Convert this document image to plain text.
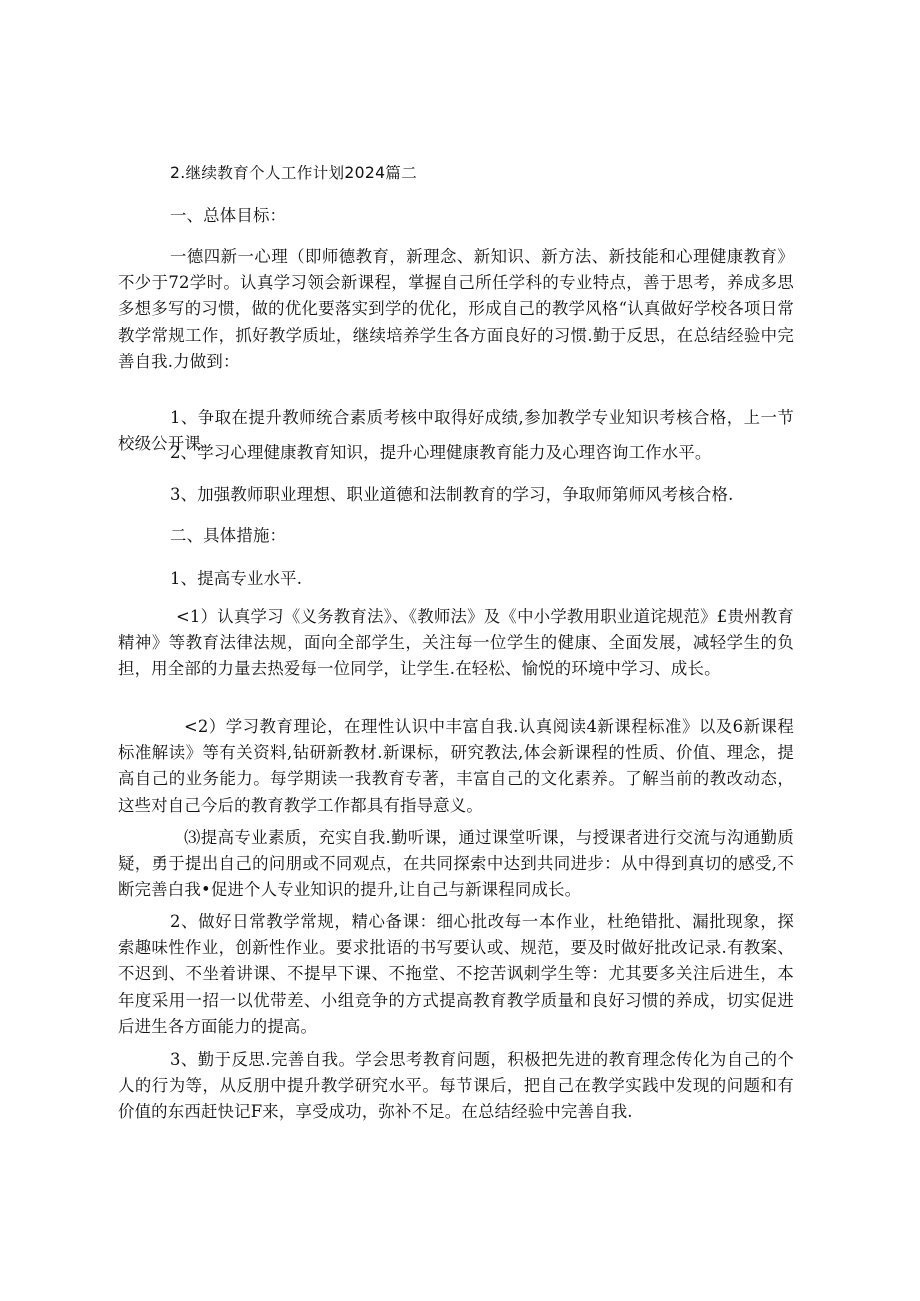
2.继续教育个人工作计划2024篇二

一、总体目标：

一德四新一心理（即师德教育，新理念、新知识、新方法、新技能和心理健康教育》不少于72学时。认真学习领会新课程，掌握自己所任学科的专业特点，善于思考，养成多思多想多写的习惯，做的优化要落实到学的优化，形成自己的教学风格“认真做好学校各项日常教学常规工作，抓好教学质址，继续培养学生各方面良好的习惯.勤于反思，在总结经验中完善自我.力做到：

1、争取在提升教师统合素质考核中取得好成绩,参加教学专业知识考核合格，上一节校级公开课。

2、学习心理健康教育知识，提升心理健康教育能力及心理咨询工作水平。

3、加强教师职业理想、职业道德和法制教育的学习，争取师第师风考核合格.

二、具体措施：

1、提高专业水平.

<1）认真学习《义务教育法》、《教师法》及《中小学教用职业道诧规范》£贵州教育精神》等教育法律法规，面向全部学生，关注每一位学生的健康、全面发展，减轻学生的负担，用全部的力量去热爱每一位同学，让学生.在轻松、愉悦的环境中学习、成长。

<2）学习教育理论，在理性认识中丰富自我.认真阅读4新课程标准》以及6新课程标准解读》等有关资料,钻研新教材.新课标，研究教法,体会新课程的性质、价值、理念，提高自己的业务能力。每学期读一我教育专著，丰富自己的文化素养。了解当前的教改动态，这些对自己今后的教育教学工作都具有指导意义。

⑶提高专业素质，充实自我.勤听课，通过课堂听课，与授课者进行交流与沟通勤质疑，勇于提出自己的问朋或不同观点，在共同探索中达到共同进步：从中得到真切的感受,不断完善白我•促进个人专业知识的提升,让自己与新课程同成长。

2、做好日常教学常规，精心备课：细心批改每一本作业，杜绝错批、漏批现象，探索趣味性作业，创新性作业。要求批语的书写要认或、规范，要及时做好批改记录.有教案、不迟到、不坐着讲课、不提早下课、不拖堂、不挖苦讽刺学生等：尤其要多关注后进生，本年度采用一招一以优带差、小组竞争的方式提高教育教学质量和良好习惯的养成，切实促进后进生各方面能力的提高。

3、勤于反思.完善自我。学会思考教育问题，积极把先进的教育理念传化为自己的个人的行为等，从反朋中提升教学研究水平。每节课后，把自己在教学实践中发现的问题和有价值的东西赶快记F来，享受成功，弥补不足。在总结经验中完善自我.
